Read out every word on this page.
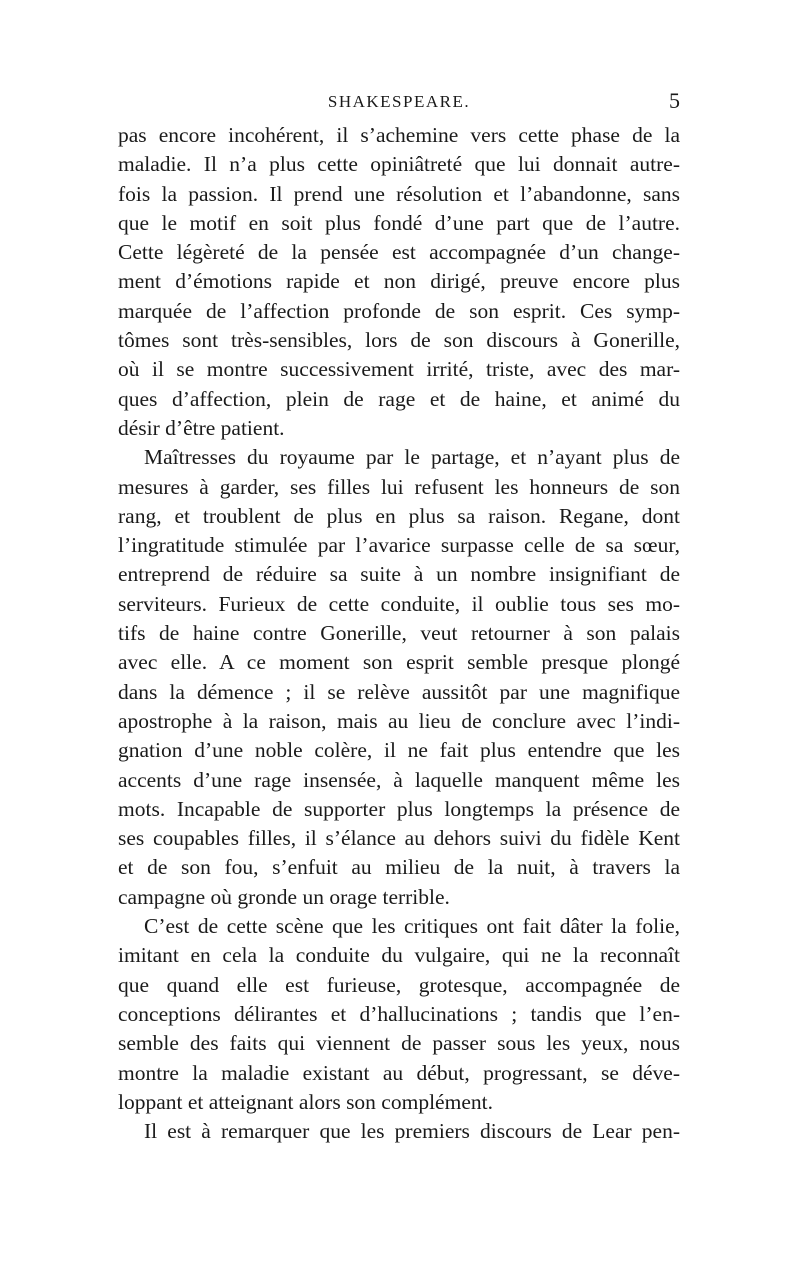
SHAKESPEARE.	5
pas encore incohérent, il s’achemine vers cette phase de la
maladie. Il n’a plus cette opiniâtreté que lui donnait autre-
fois la passion. Il prend une résolution et l’abandonne, sans
que le motif en soit plus fondé d’une part que de l’autre.
Cette légèreté de la pensée est accompagnée d’un change-
ment d’émotions rapide et non dirigé, preuve encore plus
marquée de l’affection profonde de son esprit. Ces symp-
tômes sont très-sensibles, lors de son discours à Gonerille,
où il se montre successivement irrité, triste, avec des mar-
ques d’affection, plein de rage et de haine, et animé du
désir d’être patient.
Maîtresses du royaume par le partage, et n’ayant plus de
mesures à garder, ses filles lui refusent les honneurs de son
rang, et troublent de plus en plus sa raison. Regane, dont
l’ingratitude stimulée par l’avarice surpasse celle de sa sœur,
entreprend de réduire sa suite à un nombre insignifiant de
serviteurs. Furieux de cette conduite, il oublie tous ses mo-
tifs de haine contre Gonerille, veut retourner à son palais
avec elle. A ce moment son esprit semble presque plongé
dans la démence ; il se relève aussitôt par une magnifique
apostrophe à la raison, mais au lieu de conclure avec l’indi-
gnation d’une noble colère, il ne fait plus entendre que les
accents d’une rage insensée, à laquelle manquent même les
mots. Incapable de supporter plus longtemps la présence de
ses coupables filles, il s’élance au dehors suivi du fidèle Kent
et de son fou, s’enfuit au milieu de la nuit, à travers la
campagne où gronde un orage terrible.
C’est de cette scène que les critiques ont fait dâter la folie,
imitant en cela la conduite du vulgaire, qui ne la reconnaît
que quand elle est furieuse, grotesque, accompagnée de
conceptions délirantes et d’hallucinations ; tandis que l’en-
semble des faits qui viennent de passer sous les yeux, nous
montre la maladie existant au début, progressant, se déve-
loppant et atteignant alors son complément.
Il est à remarquer que les premiers discours de Lear pen-
